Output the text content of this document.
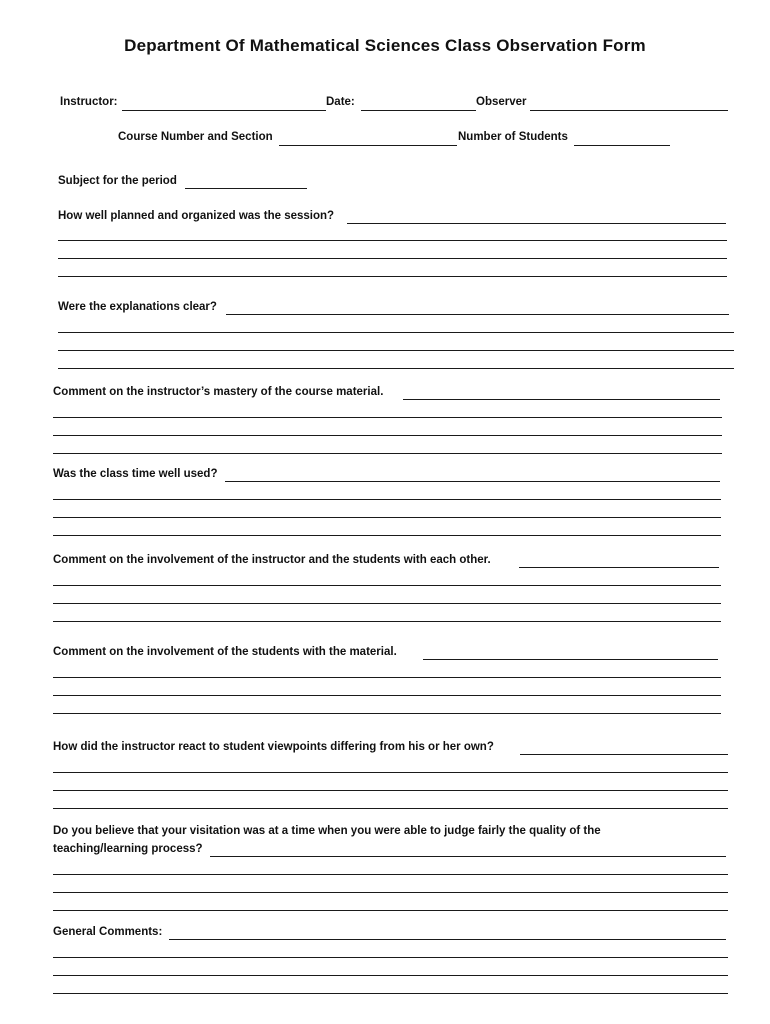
Department Of Mathematical Sciences Class Observation Form
Instructor:	Date:	Observer
Course Number and Section	Number of Students
Subject for the period
How well planned and organized was the session?
Were the explanations clear?
Comment on the instructor’s mastery of the course material.
Was the class time well used?
Comment on the involvement of the instructor and the students with each other.
Comment on the involvement of the students with the material.
How did the instructor react to student viewpoints differing from his or her own?
Do you believe that your visitation was at a time when you were able to judge fairly the quality of the
teaching/learning process?
General Comments:
